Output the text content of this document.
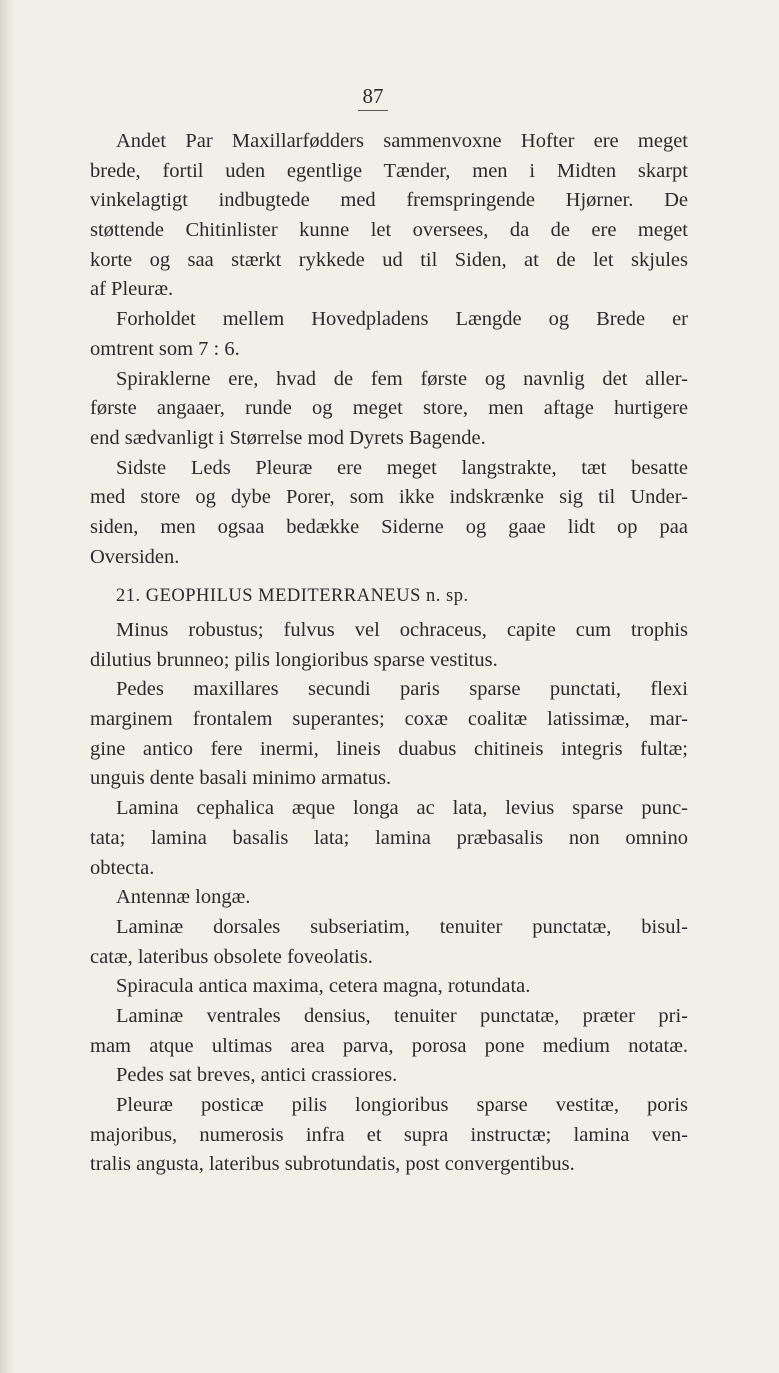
87
Andet Par Maxillarfødders sammenvoxne Hofter ere meget
brede, fortil uden egentlige Tænder, men i Midten skarpt
vinkelagtigt indbugtede med fremspringende Hjørner. De
støttende Chitinlister kunne let oversees, da de ere meget
korte og saa stærkt rykkede ud til Siden, at de let skjules
af Pleuræ.
Forholdet mellem Hovedpladens Længde og Brede er
omtrent som 7 : 6.
Spiraklerne ere, hvad de fem første og navnlig det aller-
første angaaer, runde og meget store, men aftage hurtigere
end sædvanligt i Størrelse mod Dyrets Bagende.
Sidste Leds Pleuræ ere meget langstrakte, tæt besatte
med store og dybe Porer, som ikke indskrænke sig til Under-
siden, men ogsaa bedække Siderne og gaae lidt op paa
Oversiden.
21. GEOPHILUS MEDITERRANEUS n. sp.
Minus robustus; fulvus vel ochraceus, capite cum trophis
dilutius brunneo; pilis longioribus sparse vestitus.
Pedes maxillares secundi paris sparse punctati, flexi
marginem frontalem superantes; coxæ coalitæ latissimæ, mar-
gine antico fere inermi, lineis duabus chitineis integris fultæ;
unguis dente basali minimo armatus.
Lamina cephalica æque longa ac lata, levius sparse punc-
tata; lamina basalis lata; lamina præbasalis non omnino
obtecta.
Antennæ longæ.
Laminæ dorsales subseriatim, tenuiter punctatæ, bisul-
catæ, lateribus obsolete foveolatis.
Spiracula antica maxima, cetera magna, rotundata.
Laminæ ventrales densius, tenuiter punctatæ, præter pri-
mam atque ultimas area parva, porosa pone medium notatæ.
Pedes sat breves, antici crassiores.
Pleuræ posticæ pilis longioribus sparse vestitæ, poris
majoribus, numerosis infra et supra instructæ; lamina ven-
tralis angusta, lateribus subrotundatis, post convergentibus.
